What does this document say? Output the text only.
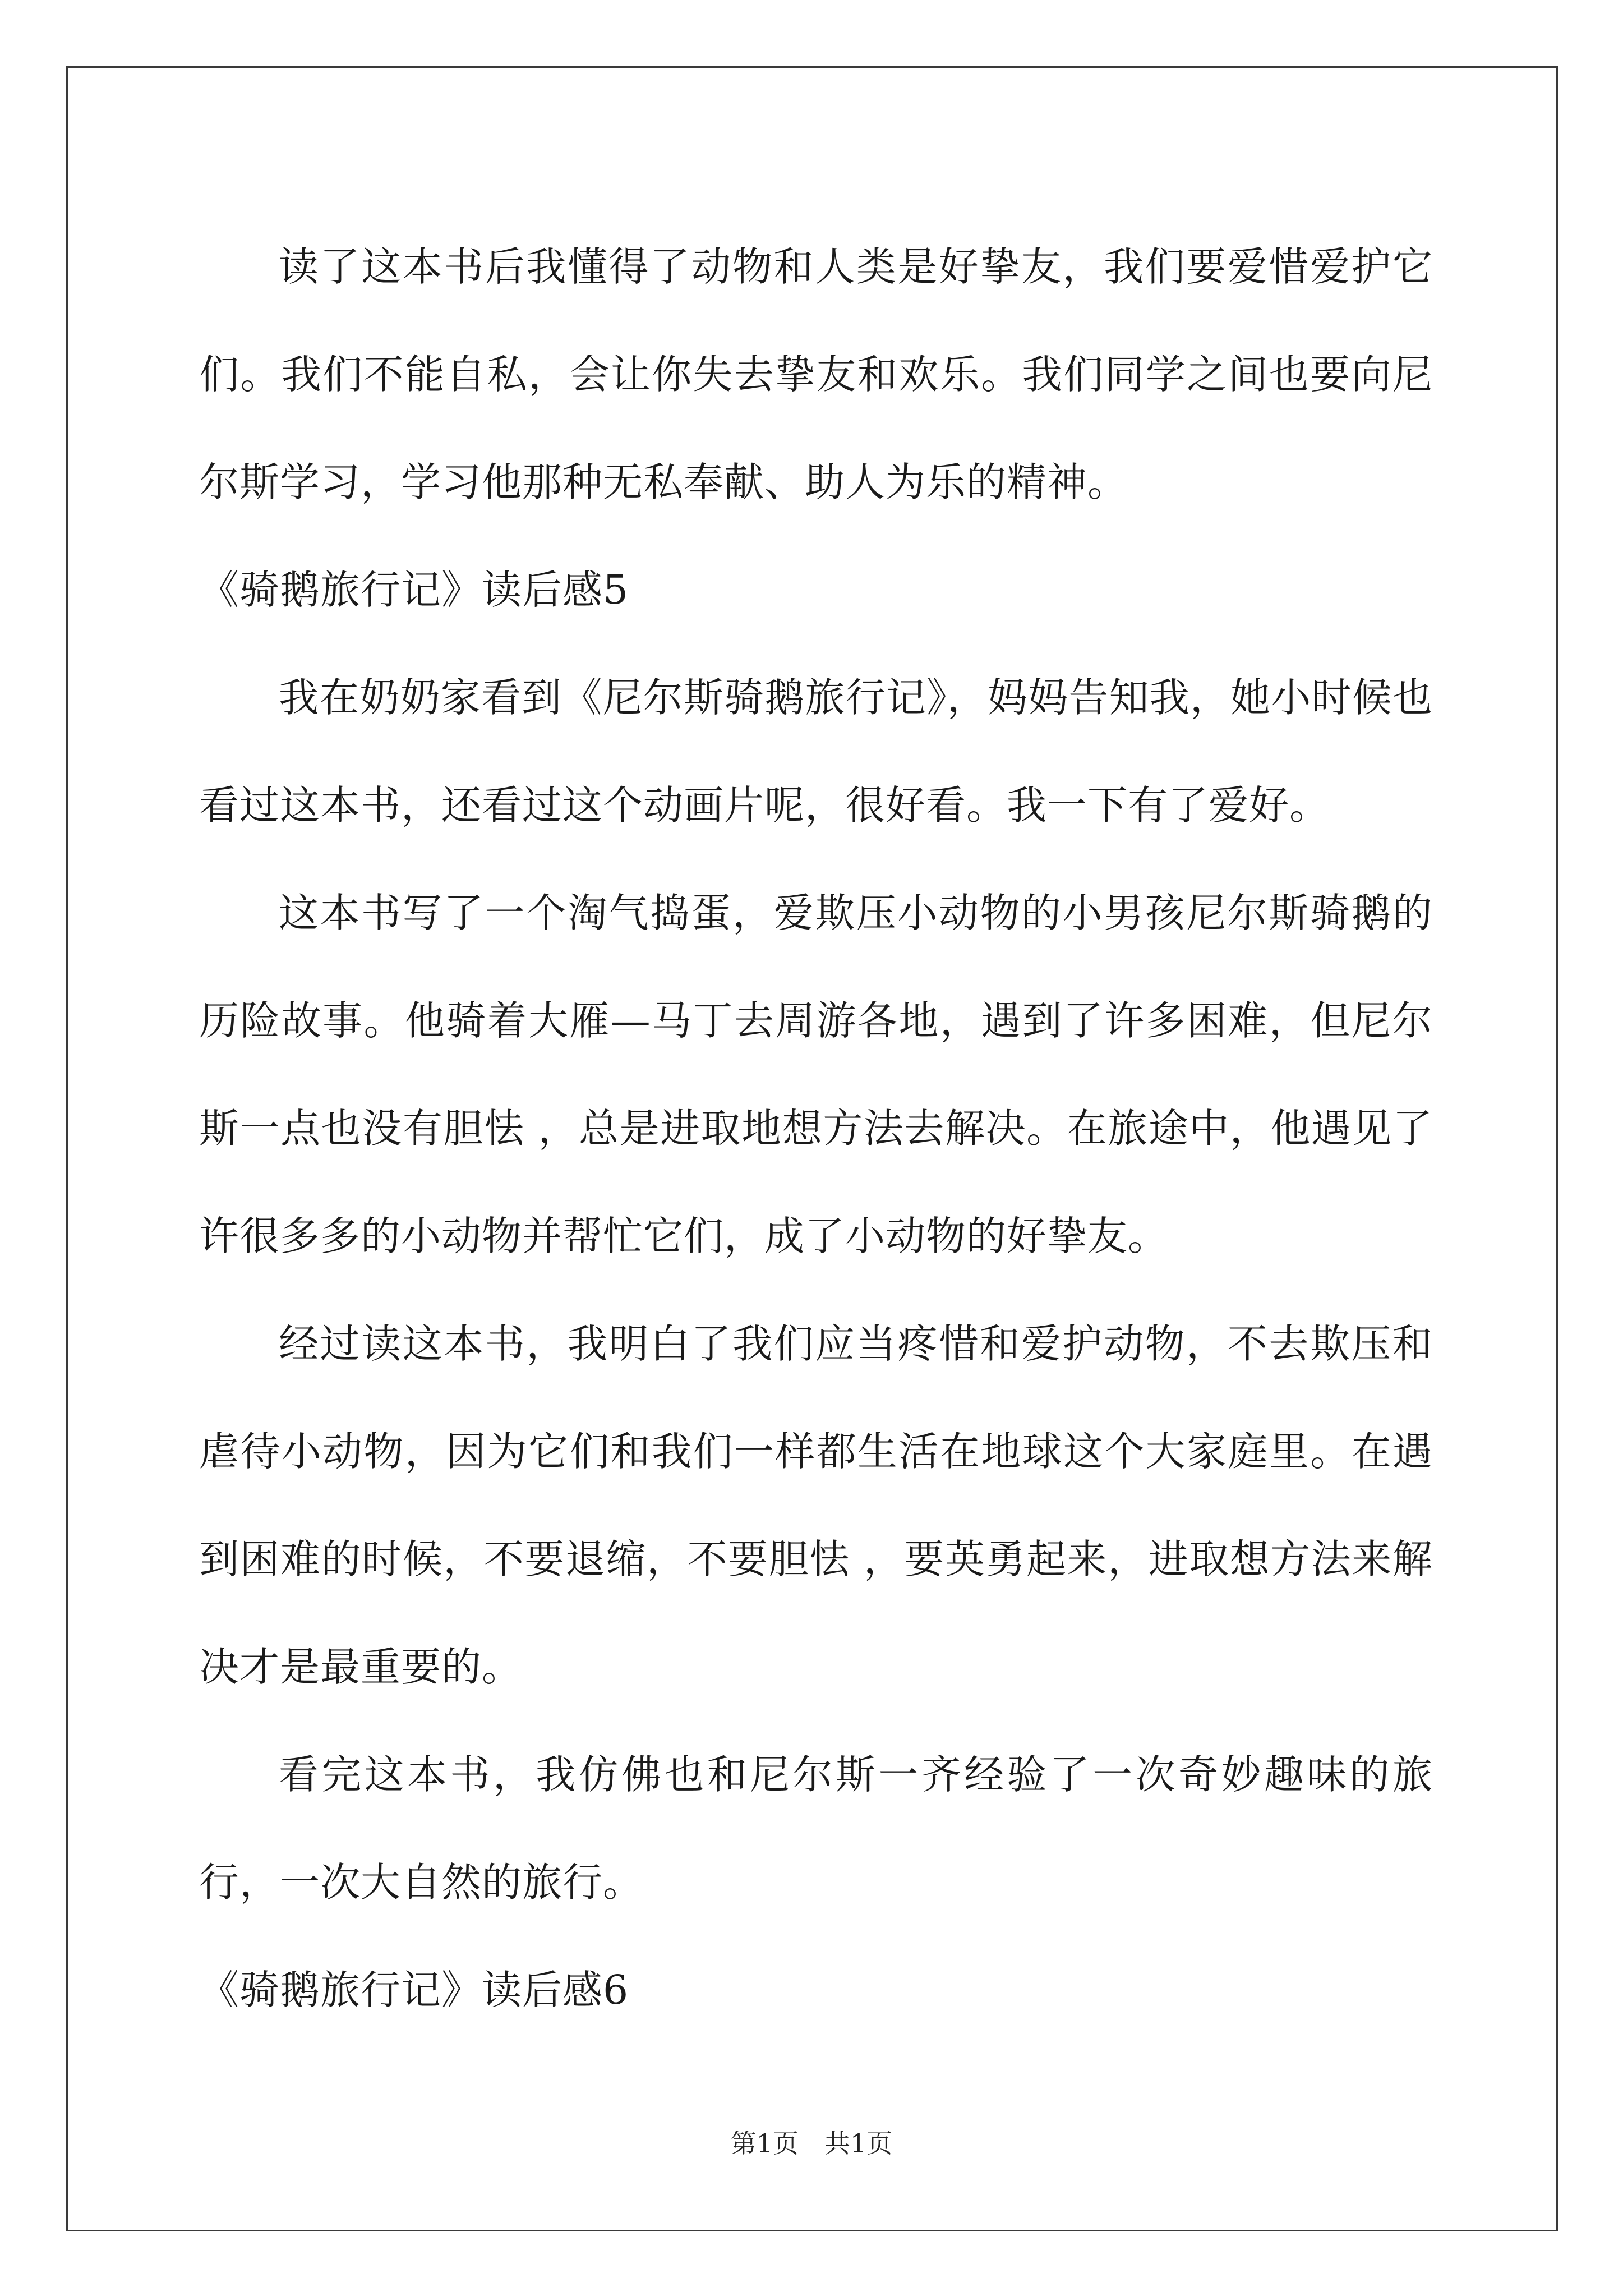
读了这本书后我懂得了动物和人类是好挚友，我们要爱惜爱护它们。我们不能自私，会让你失去挚友和欢乐。我们同学之间也要向尼尔斯学习，学习他那种无私奉献、助人为乐的精神。

《骑鹅旅行记》读后感5

我在奶奶家看到《尼尔斯骑鹅旅行记》，妈妈告知我，她小时候也看过这本书，还看过这个动画片呢，很好看。我一下有了爱好。

这本书写了一个淘气捣蛋，爱欺压小动物的小男孩尼尔斯骑鹅的历险故事。他骑着大雁—马丁去周游各地，遇到了许多困难，但尼尔斯一点也没有胆怯 ，总是进取地想方法去解决。在旅途中，他遇见了许很多多的小动物并帮忙它们，成了小动物的好挚友。

经过读这本书，我明白了我们应当疼惜和爱护动物，不去欺压和虐待小动物，因为它们和我们一样都生活在地球这个大家庭里。在遇到困难的时候，不要退缩，不要胆怯 ，要英勇起来，进取想方法来解决才是最重要的。

看完这本书，我仿佛也和尼尔斯一齐经验了一次奇妙趣味的旅行，一次大自然的旅行。

《骑鹅旅行记》读后感6

第1页　共1页
